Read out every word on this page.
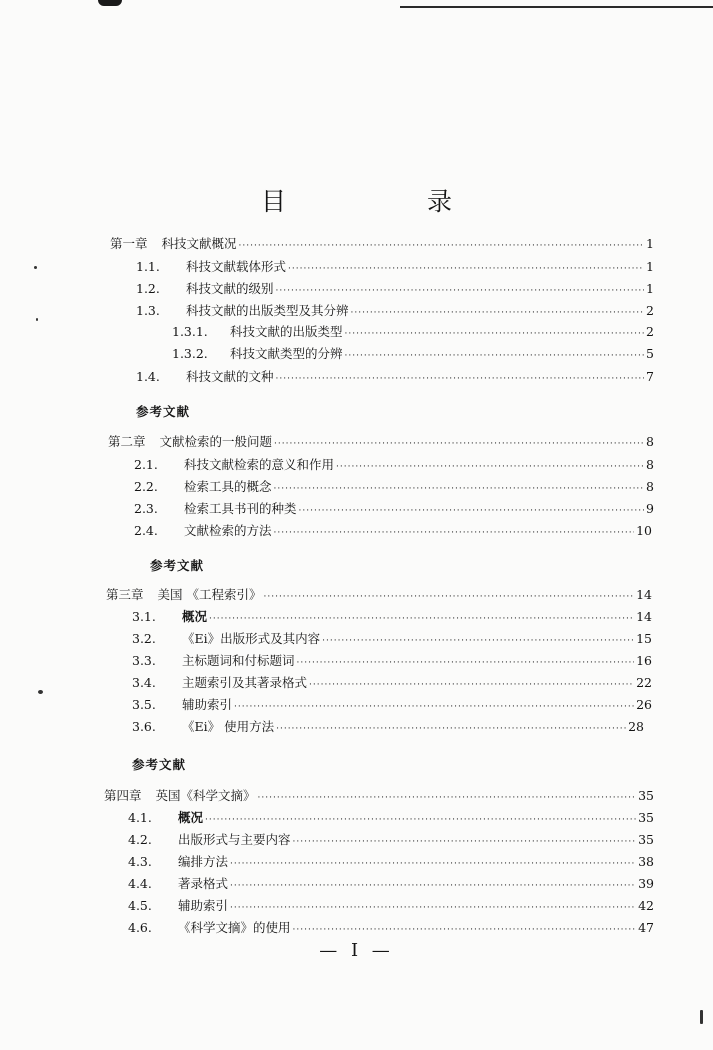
目　录
第一章 科技文献概况 ·····	1
1.1.	科技文献载体形式 ·····	1
1.2.	科技文献的级别 ·····	1
1.3.	科技文献的出版类型及其分辨 ·····	2
1.3.1.	科技文献的出版类型 ·····	2
1.3.2.	科技文献类型的分辨 ·····	5
1.4.	科技文献的文种 ·····	7
参考文献
第二章 文献检索的一般问题 ·····	8
2.1.	科技文献检索的意义和作用 ·····	8
2.2.	检索工具的概念 ·····	8
2.3.	检索工具书刊的种类 ·····	9
2.4.	文献检索的方法 ·····	10
参考文献
第三章 美国 《工程索引》 ·····	14
3.1.	概况 ·····	14
3.2.	《Ei》出版形式及其内容 ·····	15
3.3.	主标题词和付标题词 ·····	16
3.4.	主题索引及其著录格式 ·····	22
3.5.	辅助索引 ·····	26
3.6.	《Ei》 使用方法 ·····	28
参考文献
第四章 英国《科学文摘》 ·····	35
4.1.	概况 ·····	35
4.2.	出版形式与主要内容 ·····	35
4.3.	编排方法 ·····	38
4.4.	著录格式 ·····	39
4.5.	辅助索引 ·····	42
4.6.	《科学文摘》的使用 ·····	47
— Ⅰ —
